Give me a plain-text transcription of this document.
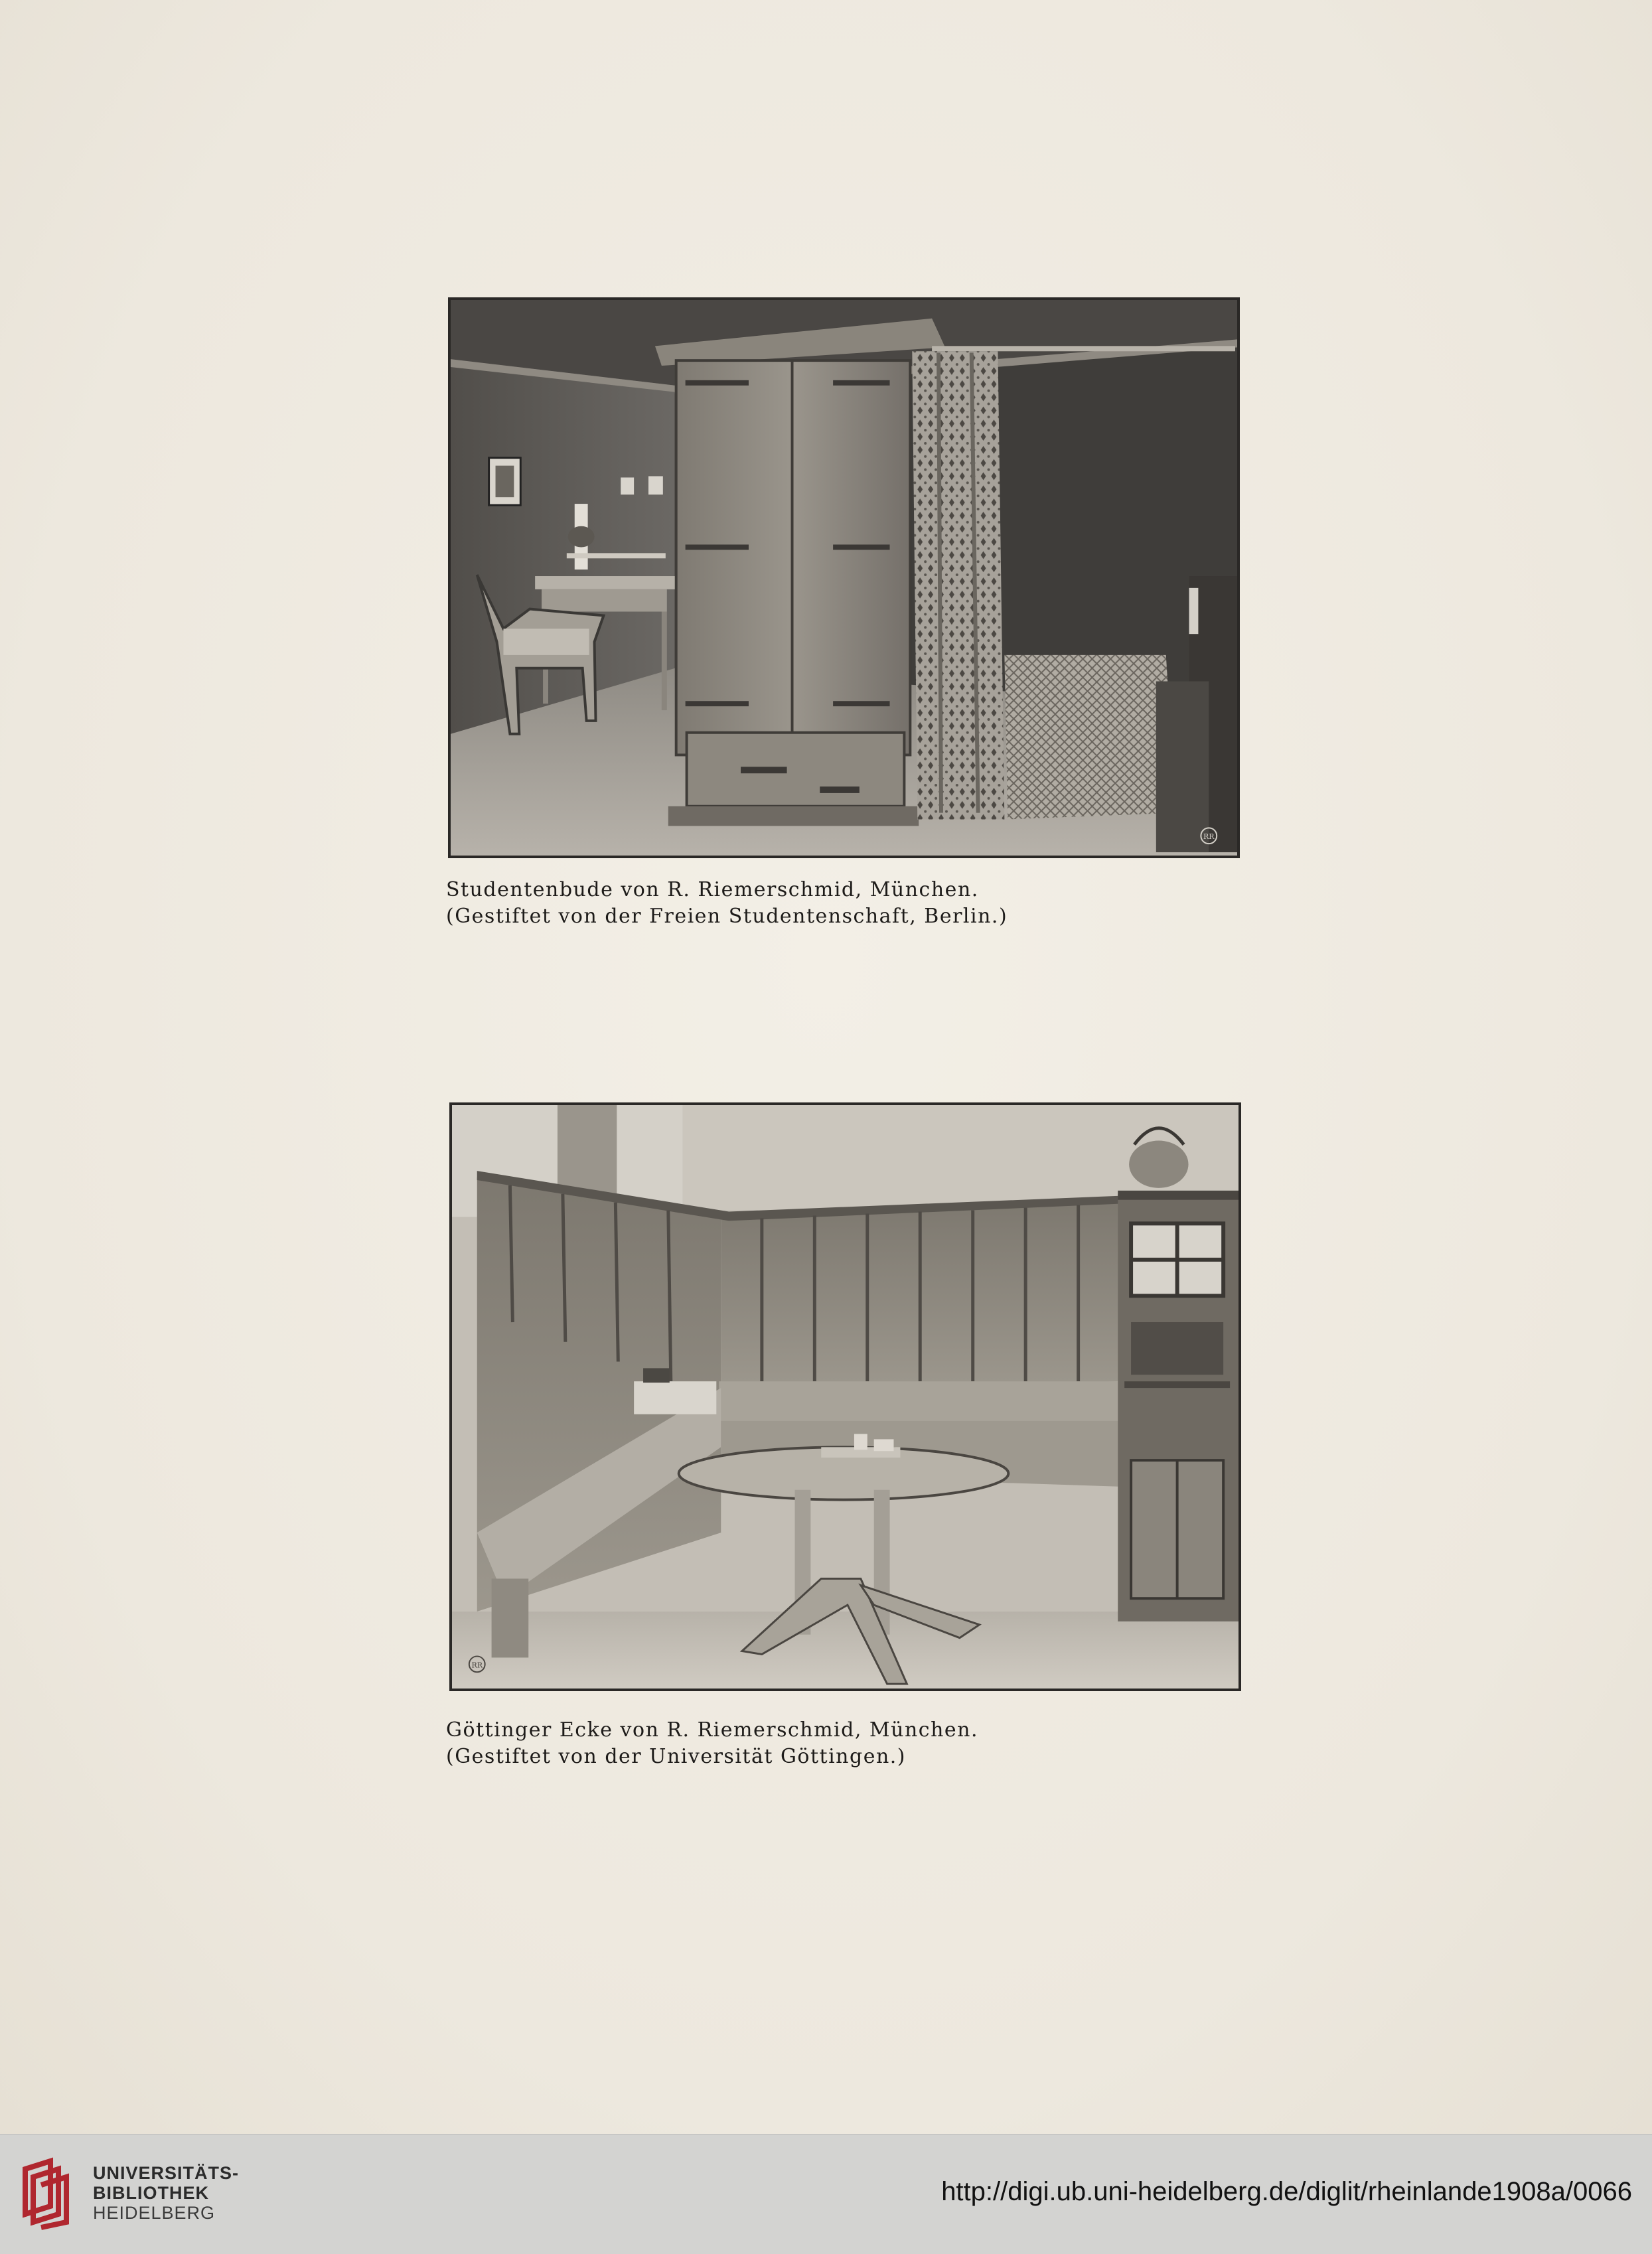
RR
Studentenbude von R. Riemerschmid, München.
(Gestiftet von der Freien Studentenschaft, Berlin.)
RR
Göttinger Ecke von R. Riemerschmid, München.
(Gestiftet von der Universität Göttingen.)
UNIVERSITÄTS-
BIBLIOTHEK
HEIDELBERG
http://digi.ub.uni-heidelberg.de/diglit/rheinlande1908a/0066
